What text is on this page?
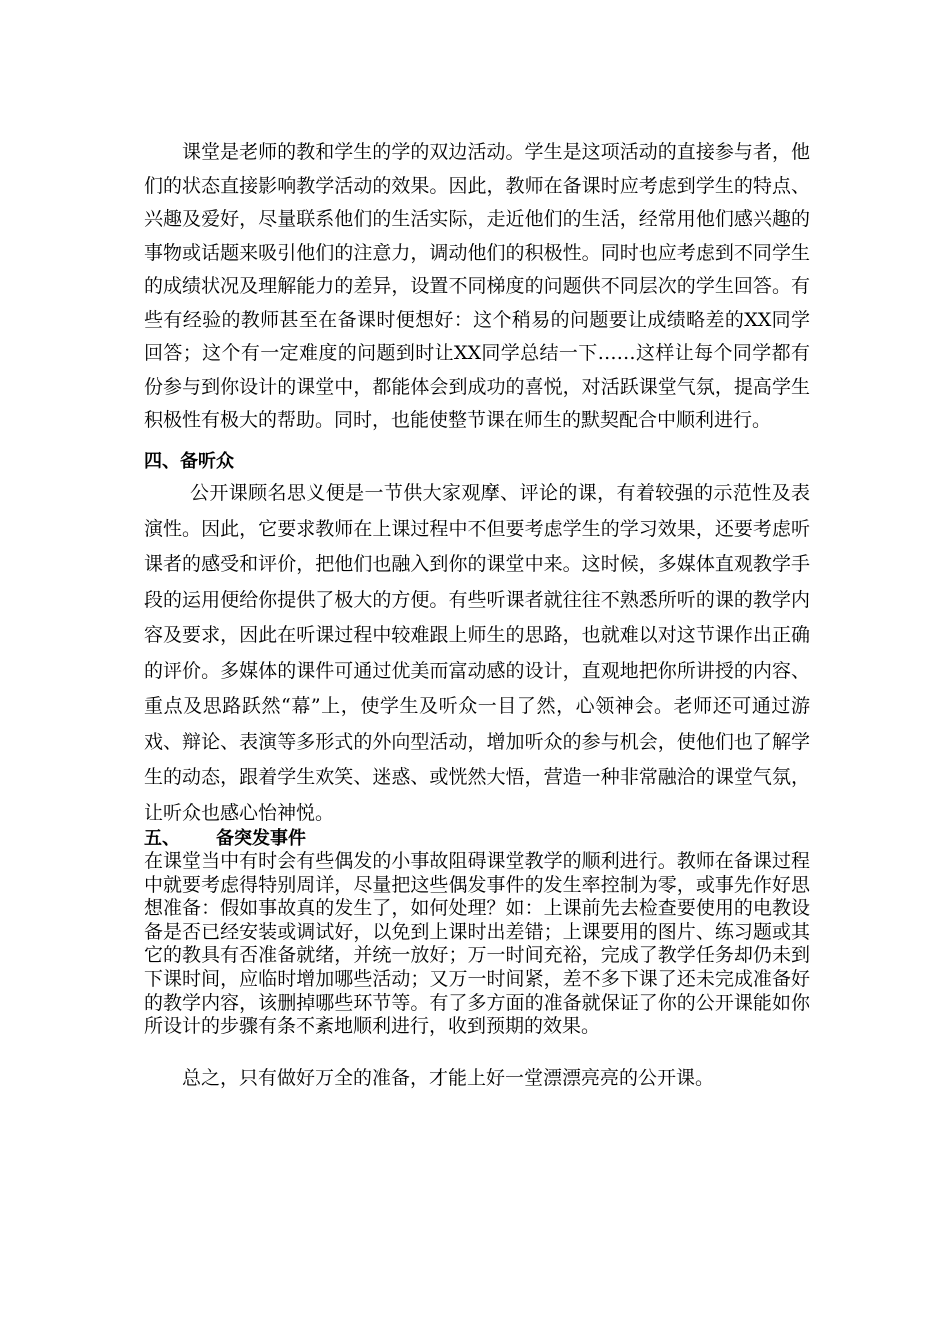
课堂是老师的教和学生的学的双边活动。学生是这项活动的直接参与者，他们的状态直接影响教学活动的效果。因此，教师在备课时应考虑到学生的特点、兴趣及爱好，尽量联系他们的生活实际，走近他们的生活，经常用他们感兴趣的事物或话题来吸引他们的注意力，调动他们的积极性。同时也应考虑到不同学生的成绩状况及理解能力的差异，设置不同梯度的问题供不同层次的学生回答。有些有经验的教师甚至在备课时便想好：这个稍易的问题要让成绩略差的XX同学回答；这个有一定难度的问题到时让XX同学总结一下……这样让每个同学都有份参与到你设计的课堂中，都能体会到成功的喜悦，对活跃课堂气氛，提高学生积极性有极大的帮助。同时，也能使整节课在师生的默契配合中顺利进行。

四、备听众

公开课顾名思义便是一节供大家观摩、评论的课，有着较强的示范性及表演性。因此，它要求教师在上课过程中不但要考虑学生的学习效果，还要考虑听课者的感受和评价，把他们也融入到你的课堂中来。这时候，多媒体直观教学手段的运用便给你提供了极大的方便。有些听课者就往往不熟悉所听的课的教学内容及要求，因此在听课过程中较难跟上师生的思路，也就难以对这节课作出正确的评价。多媒体的课件可通过优美而富动感的设计，直观地把你所讲授的内容、重点及思路跃然“幕”上，使学生及听众一目了然，心领神会。老师还可通过游戏、辩论、表演等多形式的外向型活动，增加听众的参与机会，使他们也了解学生的动态，跟着学生欢笑、迷惑、或恍然大悟，营造一种非常融洽的课堂气氛，让听众也感心怡神悦。

五、 备突发事件

在课堂当中有时会有些偶发的小事故阻碍课堂教学的顺利进行。教师在备课过程中就要考虑得特别周详，尽量把这些偶发事件的发生率控制为零，或事先作好思想准备：假如事故真的发生了，如何处理？如：上课前先去检查要使用的电教设备是否已经安装或调试好，以免到上课时出差错；上课要用的图片、练习题或其它的教具有否准备就绪，并统一放好；万一时间充裕，完成了教学任务却仍未到下课时间，应临时增加哪些活动；又万一时间紧，差不多下课了还未完成准备好的教学内容，该删掉哪些环节等。有了多方面的准备就保证了你的公开课能如你所设计的步骤有条不紊地顺利进行，收到预期的效果。

总之，只有做好万全的准备，才能上好一堂漂漂亮亮的公开课。
